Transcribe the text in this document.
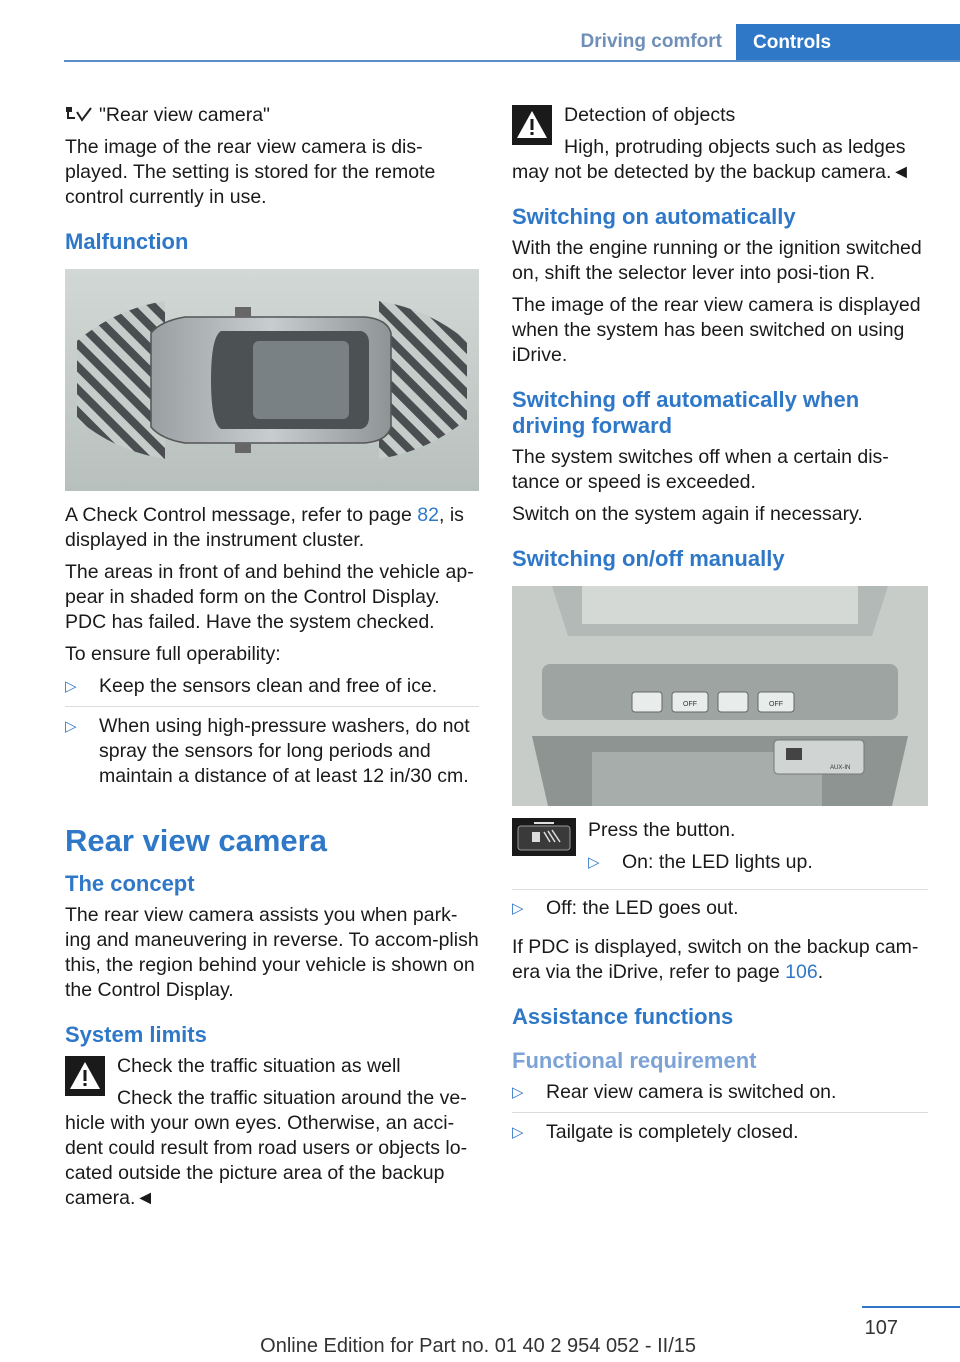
Driving comfort	Controls

"Rear view camera"

The image of the rear view camera is dis-played. The setting is stored for the remote control currently in use.

Malfunction

A Check Control message, refer to page 82, is displayed in the instrument cluster.

The areas in front of and behind the vehicle ap-pear in shaded form on the Control Display. PDC has failed. Have the system checked.

To ensure full operability:

▷
Keep the sensors clean and free of ice.
▷
When using high-pressure washers, do not spray the sensors for long periods and maintain a distance of at least 12 in/30 cm.
Rear view camera
The concept

The rear view camera assists you when park-ing and maneuvering in reverse. To accom-plish this, the region behind your vehicle is shown on the Control Display.

System limits

Check the traffic situation as well

Check the traffic situation around the ve-hicle with your own eyes. Otherwise, an acci-dent could result from road users or objects lo-cated outside the picture area of the backup camera.◄

Detection of objects

High, protruding objects such as ledges may not be detected by the backup camera.◄

Switching on automatically

With the engine running or the ignition switched on, shift the selector lever into posi-tion R.

The image of the rear view camera is displayed when the system has been switched on using iDrive.

Switching off automatically when driving forward

The system switches off when a certain dis-tance or speed is exceeded.

Switch on the system again if necessary.

Switching on/off manually
OFF	OFF
AUX-IN

Press the button.

▷
On: the LED lights up.
▷
Off: the LED goes out.

If PDC is displayed, switch on the backup cam-era via the iDrive, refer to page 106.

Assistance functions
Functional requirement
▷
Rear view camera is switched on.
▷
Tailgate is completely closed.
107
Online Edition for Part no. 01 40 2 954 052 - II/15
